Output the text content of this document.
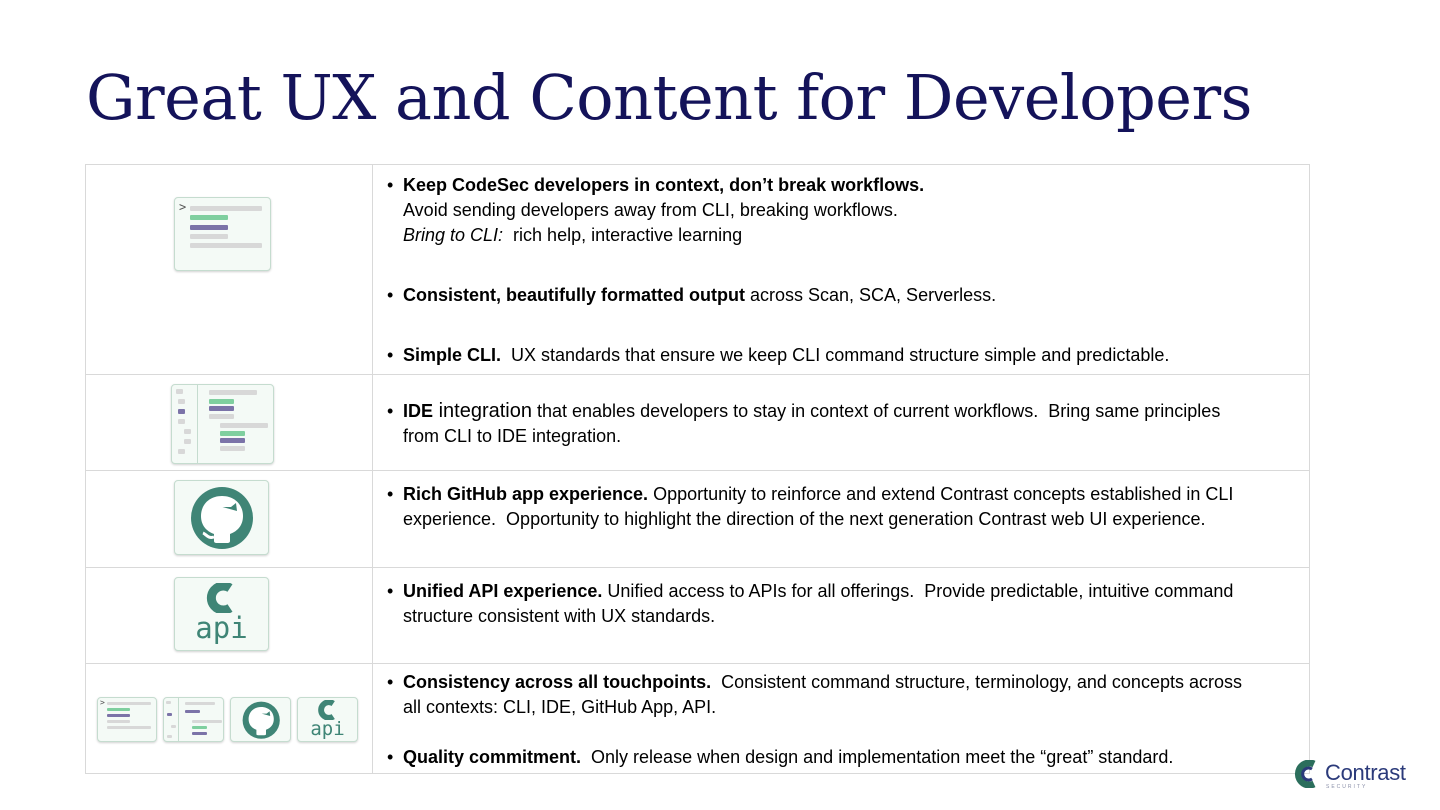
Great UX and Content for Developers
>
• Keep CodeSec developers in context, don’t break workflows.
Avoid sending developers away from CLI, breaking workflows.
Bring to CLI:  rich help, interactive learning
• Consistent, beautifully formatted output across Scan, SCA, Serverless.
• Simple CLI.  UX standards that ensure we keep CLI command structure simple and predictable.
• IDE integration that enables developers to stay in context of current workflows.  Bring same principles
from CLI to IDE integration.
• Rich GitHub app experience. Opportunity to reinforce and extend Contrast concepts established in CLI
experience.  Opportunity to highlight the direction of the next generation Contrast web UI experience.
api
• Unified API experience. Unified access to APIs for all offerings.  Provide predictable, intuitive command
structure consistent with UX standards.
>
api
• Consistency across all touchpoints.  Consistent command structure, terminology, and concepts across
all contexts: CLI, IDE, GitHub App, API.
• Quality commitment.  Only release when design and implementation meet the “great” standard.
Contrast
SECURITY
